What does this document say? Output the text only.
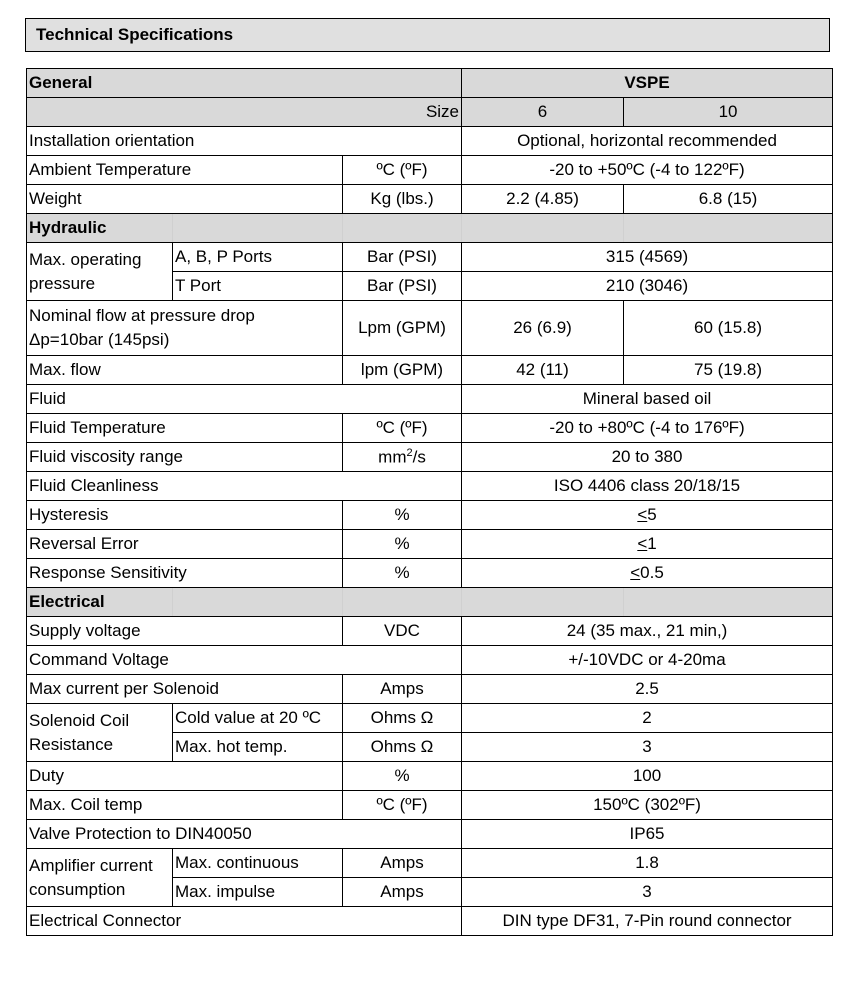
Technical Specifications
General			VSPE	
Size			6	10
Installation orientation			Optional, horizontal recommended	
Ambient Temperature		ºC (ºF)	-20 to +50ºC (-4 to 122ºF)	
Weight		Kg (lbs.)	2.2 (4.85)	6.8 (15)
Hydraulic				
Max. operating
pressure	A, B, P Ports	Bar (PSI)	315 (4569)	
	T Port	Bar (PSI)	210 (3046)	
Nominal flow at pressure drop
Δp=10bar (145psi)		Lpm (GPM)	26 (6.9)	60 (15.8)
Max. flow		lpm (GPM)	42 (11)	75 (19.8)
Fluid			Mineral based oil	
Fluid Temperature		ºC (ºF)	-20 to +80ºC (-4 to 176ºF)	
Fluid viscosity range		$mm^2/s$	20 to 380	
Fluid Cleanliness			ISO 4406 class 20/18/15	
Hysteresis		%	<5	
Reversal Error		%	<1	
Response Sensitivity		%	<0.5	
Electrical				
Supply voltage		VDC	24 (35 max., 21 min,)	
Command Voltage			+/-10VDC or 4-20ma	
Max current per Solenoid		Amps	2.5	
Solenoid Coil
Resistance	Cold value at 20 ºC	Ohms Ω	2	
	Max. hot temp.	Ohms Ω	3	
Duty		%	100	
Max. Coil temp		ºC (ºF)	150ºC (302ºF)	
Valve Protection to DIN40050			IP65	
Amplifier current
consumption	Max. continuous	Amps	1.8	
	Max. impulse	Amps	3	
Electrical Connector			DIN type DF31, 7-Pin round connector	
